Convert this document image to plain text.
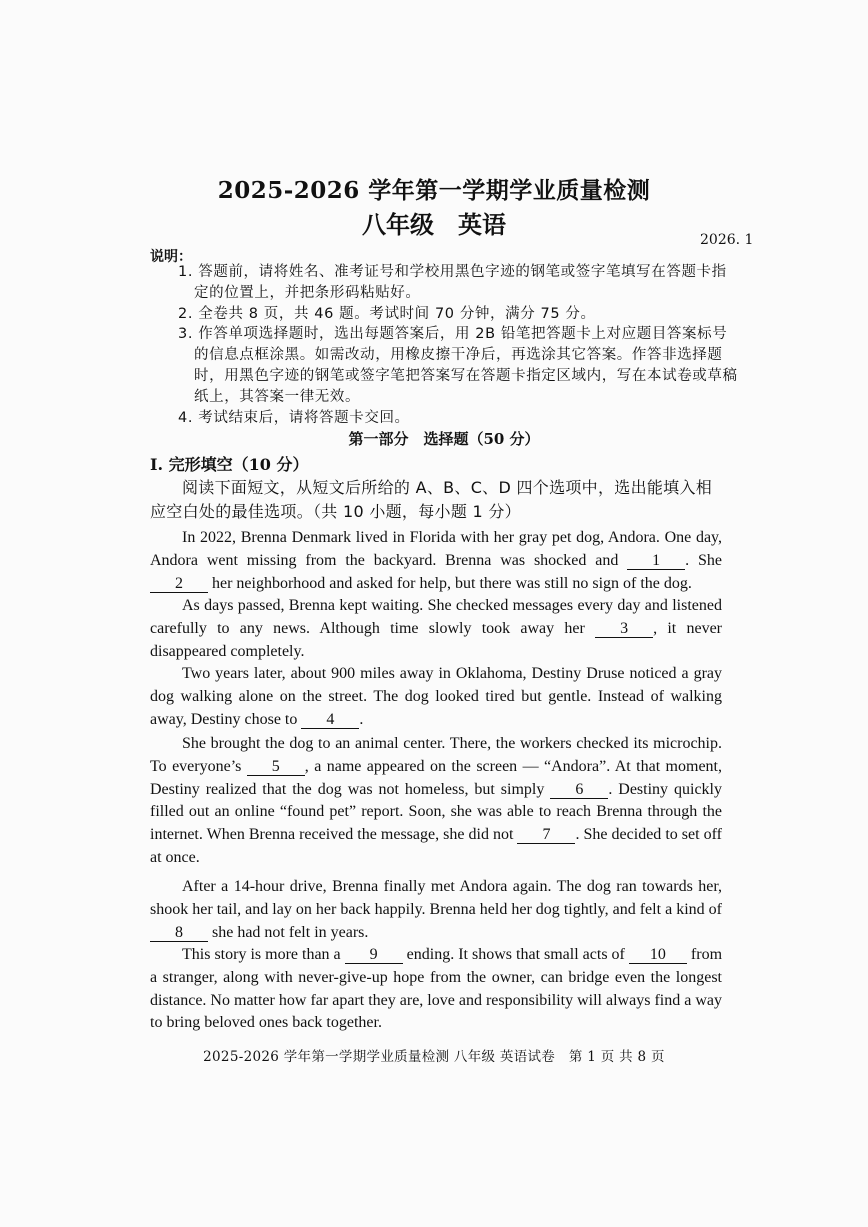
2025-2026 学年第一学期学业质量检测
八年级　英语
2026. 1
说明：
1. 答题前，请将姓名、准考证号和学校用黑色字迹的钢笔或签字笔填写在答题卡指定的位置上，并把条形码粘贴好。
2. 全卷共 8 页，共 46 题。考试时间 70 分钟，满分 75 分。
3. 作答单项选择题时，选出每题答案后，用 2B 铅笔把答题卡上对应题目答案标号的信息点框涂黑。如需改动，用橡皮擦干净后，再选涂其它答案。作答非选择题时，用黑色字迹的钢笔或签字笔把答案写在答题卡指定区域内，写在本试卷或草稿纸上，其答案一律无效。
4. 考试结束后，请将答题卡交回。
第一部分　选择题（50 分）
I. 完形填空（10 分）
阅读下面短文，从短文后所给的 A、B、C、D 四个选项中，选出能填入相应空白处的最佳选项。（共 10 小题，每小题 1 分）

In 2022, Brenna Denmark lived in Florida with her gray pet dog, Andora. One day, Andora went missing from the backyard. Brenna was shocked and 1 . She 2 her neighborhood and asked for help, but there was still no sign of the dog.

As days passed, Brenna kept waiting. She checked messages every day and listened carefully to any news. Although time slowly took away her 3 , it never disappeared completely.

Two years later, about 900 miles away in Oklahoma, Destiny Druse noticed a gray dog walking alone on the street. The dog looked tired but gentle. Instead of walking away, Destiny chose to 4 .

She brought the dog to an animal center. There, the workers checked its microchip. To everyone’s 5 , a name appeared on the screen — “Andora”. At that moment, Destiny realized that the dog was not homeless, but simply 6 . Destiny quickly filled out an online “found pet” report. Soon, she was able to reach Brenna through the internet. When Brenna received the message, she did not 7 . She decided to set off at once.

After a 14-hour drive, Brenna finally met Andora again. The dog ran towards her, shook her tail, and lay on her back happily. Brenna held her dog tightly, and felt a kind of 8 she had not felt in years.

This story is more than a 9 ending. It shows that small acts of 10 from a stranger, along with never-give-up hope from the owner, can bridge even the longest distance. No matter how far apart they are, love and responsibility will always find a way to bring beloved ones back together.

2025-2026 学年第一学期学业质量检测 八年级 英语试卷　第 1 页 共 8 页
